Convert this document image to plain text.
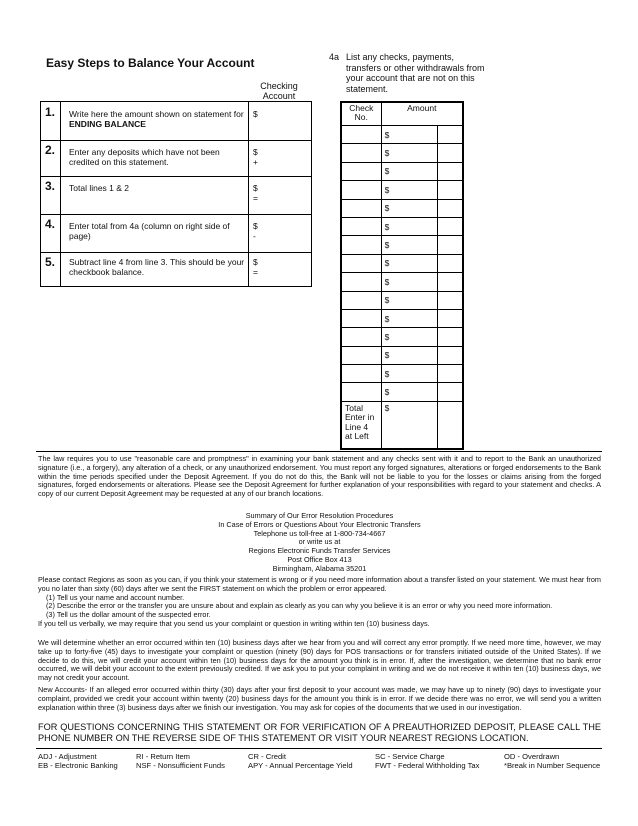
Easy Steps to Balance Your Account
Checking Account
1.	Write here the amount shown on statement for ENDING BALANCE
$
2.	Enter any deposits which have not been credited on this statement.
$
+
3.	Total lines 1 & 2	$
=
4.	Enter total from 4a (column on right side of page)
$
-
5.	Subtract line 4 from line 3. This should be your checkbook balance.
$
=
4a List any checks, payments, transfers or other withdrawals from your account that are not on this statement.
Check No.	Amount	
	$	
	$	
	$	
	$	
	$	
	$	
	$	
	$	
	$	
	$	
	$	
	$	
	$	
	$	
	$	
Total Enter in Line 4 at Left	$	
The law requires you to use "reasonable care and promptness" in examining your bank statement and any checks sent with it and to report to the Bank an unauthorized signature (i.e., a forgery), any alteration of a check, or any unauthorized endorsement. You must report any forged signatures, alterations or forged endorsements to the Bank within the time periods specified under the Deposit Agreement. If you do not do this, the Bank will not be liable to you for the losses or claims arising from the forged signatures, forged endorsements or alterations. Please see the Deposit Agreement for further explanation of your responsibilities with regard to your statement and checks. A copy of our current Deposit Agreement may be requested at any of our branch locations.
Summary of Our Error Resolution Procedures
In Case of Errors or Questions About Your Electronic Transfers
Telephone us toll-free at 1-800-734-4667
or write us at
Regions Electronic Funds Transfer Services
Post Office Box 413
Birmingham, Alabama 35201
Please contact Regions as soon as you can, if you think your statement is wrong or if you need more information about a transfer listed on your statement. We must hear from you no later than sixty (60) days after we sent the FIRST statement on which the problem or error appeared.
(1) Tell us your name and account number.
(2) Describe the error or the transfer you are unsure about and explain as clearly as you can why you believe it is an error or why you need more information.
(3) Tell us the dollar amount of the suspected error.
If you tell us verbally, we may require that you send us your complaint or question in writing within ten (10) business days.
We will determine whether an error occurred within ten (10) business days after we hear from you and will correct any error promptly. If we need more time, however, we may take up to forty-five (45) days to investigate your complaint or question (ninety (90) days for POS transactions or for transfers initiated outside of the United States). If we decide to do this, we will credit your account within ten (10) business days for the amount you think is in error. If, after the investigation, we determine that no bank error occurred, we will debit your account to the extent previously credited. If we ask you to put your complaint in writing and we do not receive it within ten (10) business days, we may not credit your account.
New Accounts- If an alleged error occurred within thirty (30) days after your first deposit to your account was made, we may have up to ninety (90) days to investigate your complaint, provided we credit your account within twenty (20) business days for the amount you think is in error. If we decide there was no error, we will send you a written explanation within three (3) business days after we finish our investigation. You may ask for copies of the documents that we used in our investigation.
FOR QUESTIONS CONCERNING THIS STATEMENT OR FOR VERIFICATION OF A PREAUTHORIZED DEPOSIT, PLEASE CALL THE PHONE NUMBER ON THE REVERSE SIDE OF THIS STATEMENT OR VISIT YOUR NEAREST REGIONS LOCATION.
ADJ - Adjustment
EB - Electronic Banking
RI - Return Item
NSF - Nonsufficient Funds
CR - Credit
APY - Annual Percentage Yield
SC - Service Charge
FWT - Federal Withholding Tax
OD - Overdrawn
*Break in Number Sequence
